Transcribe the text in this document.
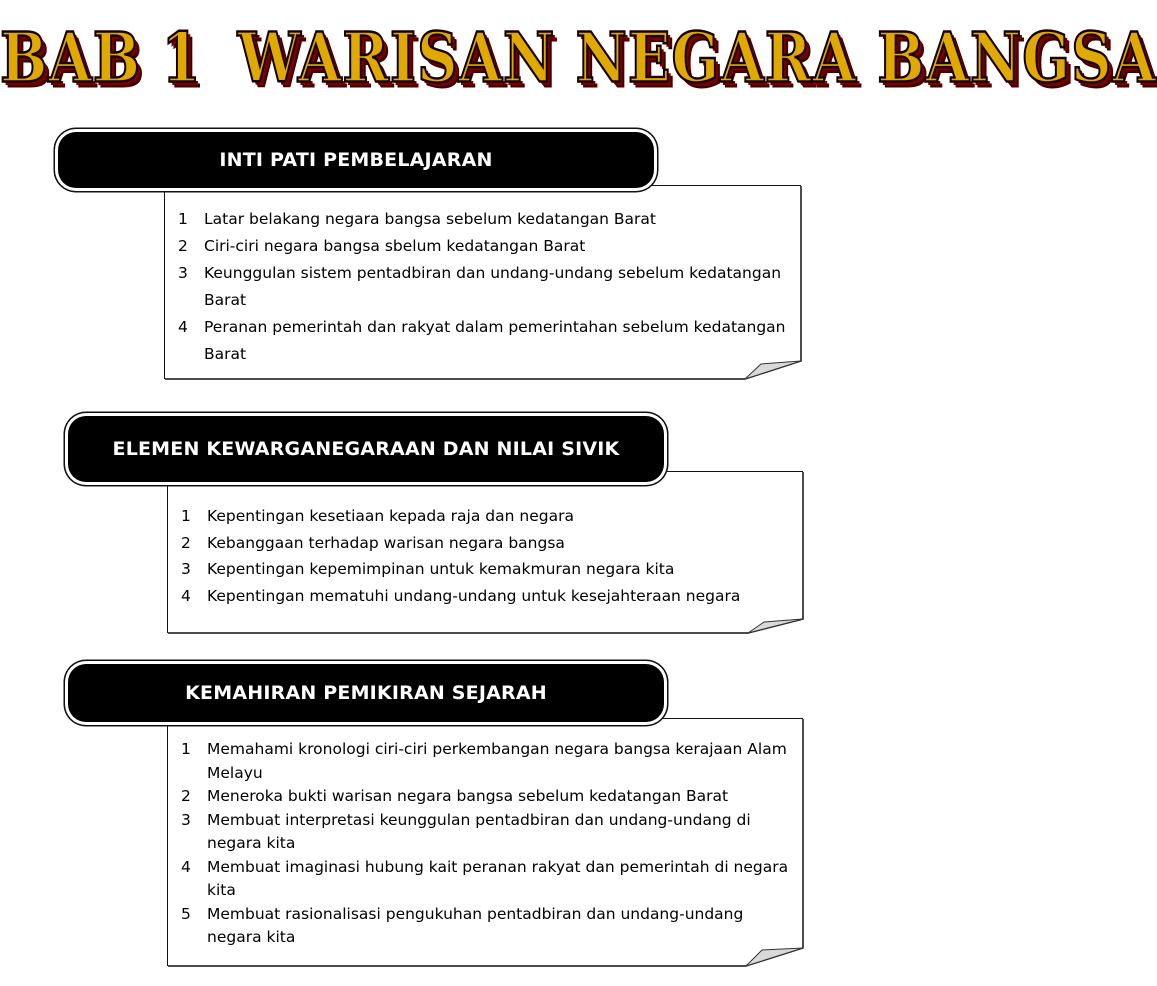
BAB 1 WARISAN NEGARA BANGSA
INTI PATI PEMBELAJARAN
1	Latar belakang negara bangsa sebelum kedatangan Barat
2	Ciri-ciri negara bangsa sbelum kedatangan Barat
3	Keunggulan sistem pentadbiran dan undang-undang sebelum kedatangan Barat
4	Peranan pemerintah dan rakyat dalam pemerintahan sebelum kedatangan Barat
ELEMEN KEWARGANEGARAAN DAN NILAI SIVIK
1	Kepentingan kesetiaan kepada raja dan negara
2	Kebanggaan terhadap warisan negara bangsa
3	Kepentingan kepemimpinan untuk kemakmuran negara kita
4	Kepentingan mematuhi undang-undang untuk kesejahteraan negara
KEMAHIRAN PEMIKIRAN SEJARAH
1	Memahami kronologi ciri-ciri perkembangan negara bangsa kerajaan Alam Melayu
2	Meneroka bukti warisan negara bangsa sebelum kedatangan Barat
3	Membuat interpretasi keunggulan pentadbiran dan undang-undang di negara kita
4	Membuat imaginasi hubung kait peranan rakyat dan pemerintah di negara kita
5	Membuat rasionalisasi pengukuhan pentadbiran dan undang-undang negara kita
